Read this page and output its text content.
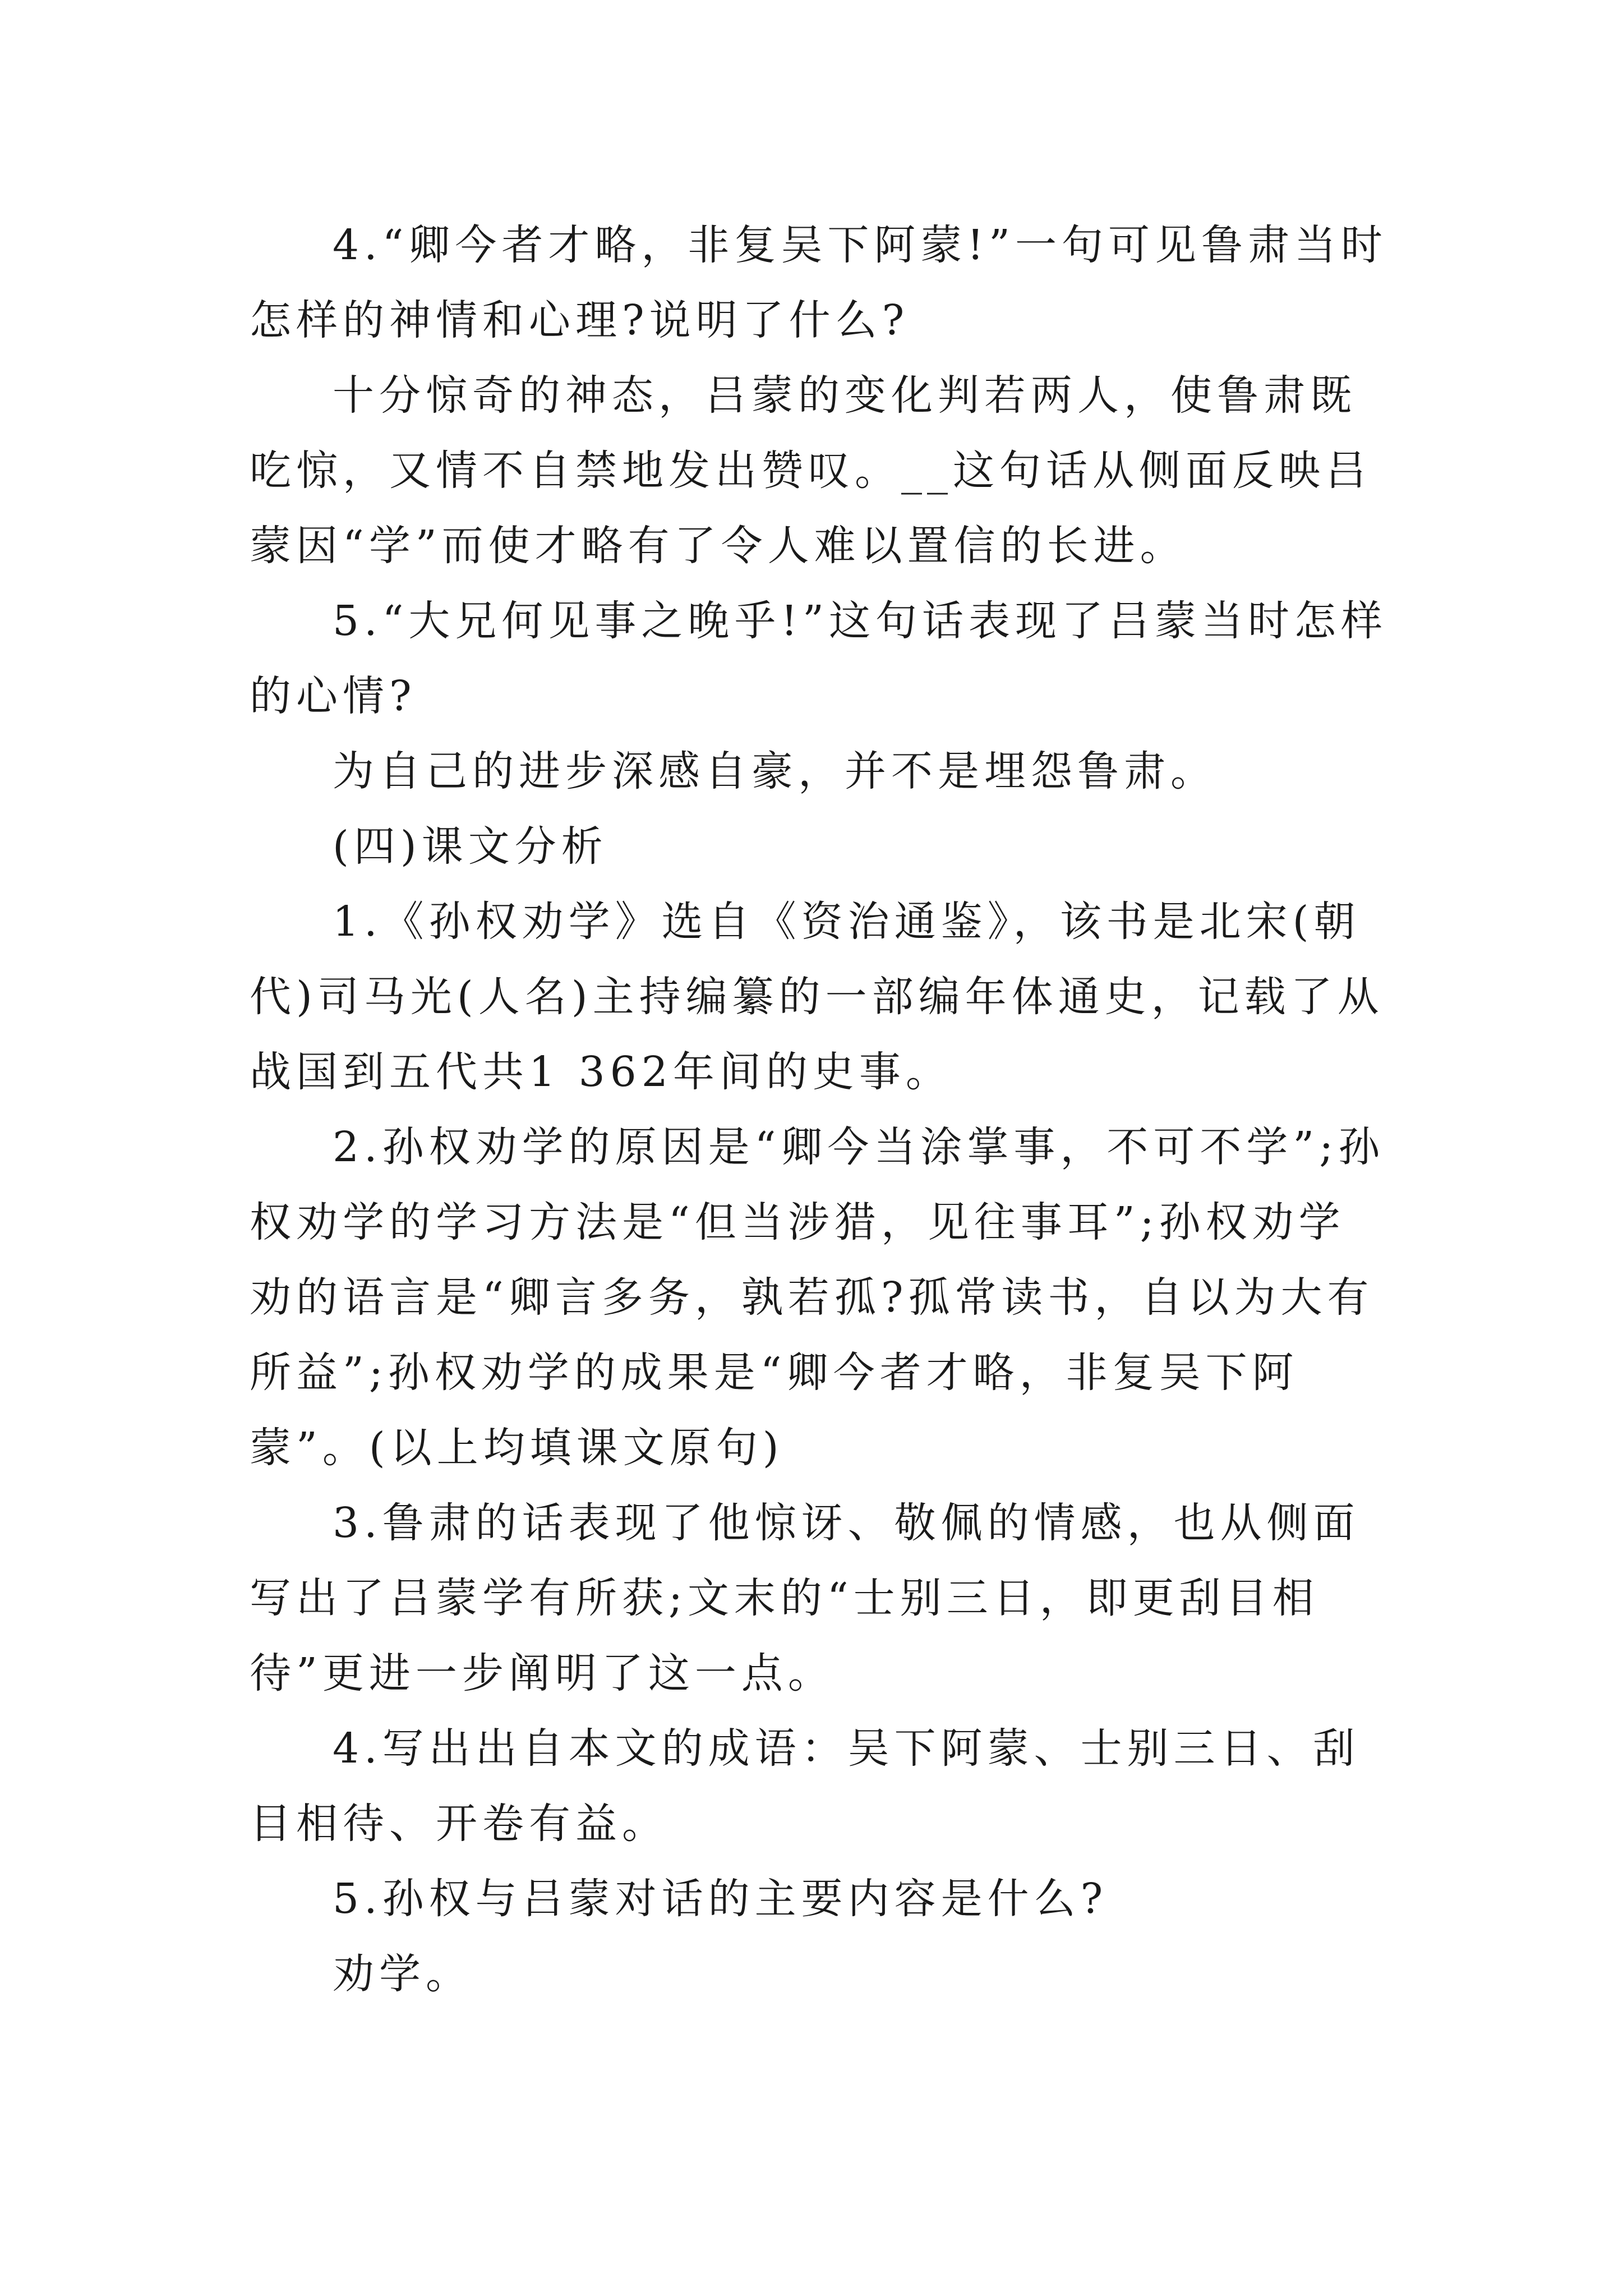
4.“卿今者才略，非复吴下阿蒙!”一句可见鲁肃当时怎样的神情和心理?说明了什么?

十分惊奇的神态，吕蒙的变化判若两人，使鲁肃既吃惊，又情不自禁地发出赞叹。__这句话从侧面反映吕蒙因“学”而使才略有了令人难以置信的长进。

5.“大兄何见事之晚乎!”这句话表现了吕蒙当时怎样的心情?

为自己的进步深感自豪，并不是埋怨鲁肃。

(四)课文分析

1.《孙权劝学》选自《资治通鉴》，该书是北宋(朝代)司马光(人名)主持编纂的一部编年体通史，记载了从战国到五代共1 362年间的史事。

2.孙权劝学的原因是“卿今当涂掌事，不可不学”;孙权劝学的学习方法是“但当涉猎，见往事耳”;孙权劝学劝的语言是“卿言多务，孰若孤?孤常读书，自以为大有所益”;孙权劝学的成果是“卿今者才略，非复吴下阿蒙”。(以上均填课文原句)

3.鲁肃的话表现了他惊讶、敬佩的情感，也从侧面写出了吕蒙学有所获;文末的“士别三日，即更刮目相待”更进一步阐明了这一点。

4.写出出自本文的成语：吴下阿蒙、士别三日、刮目相待、开卷有益。

5.孙权与吕蒙对话的主要内容是什么?

劝学。
